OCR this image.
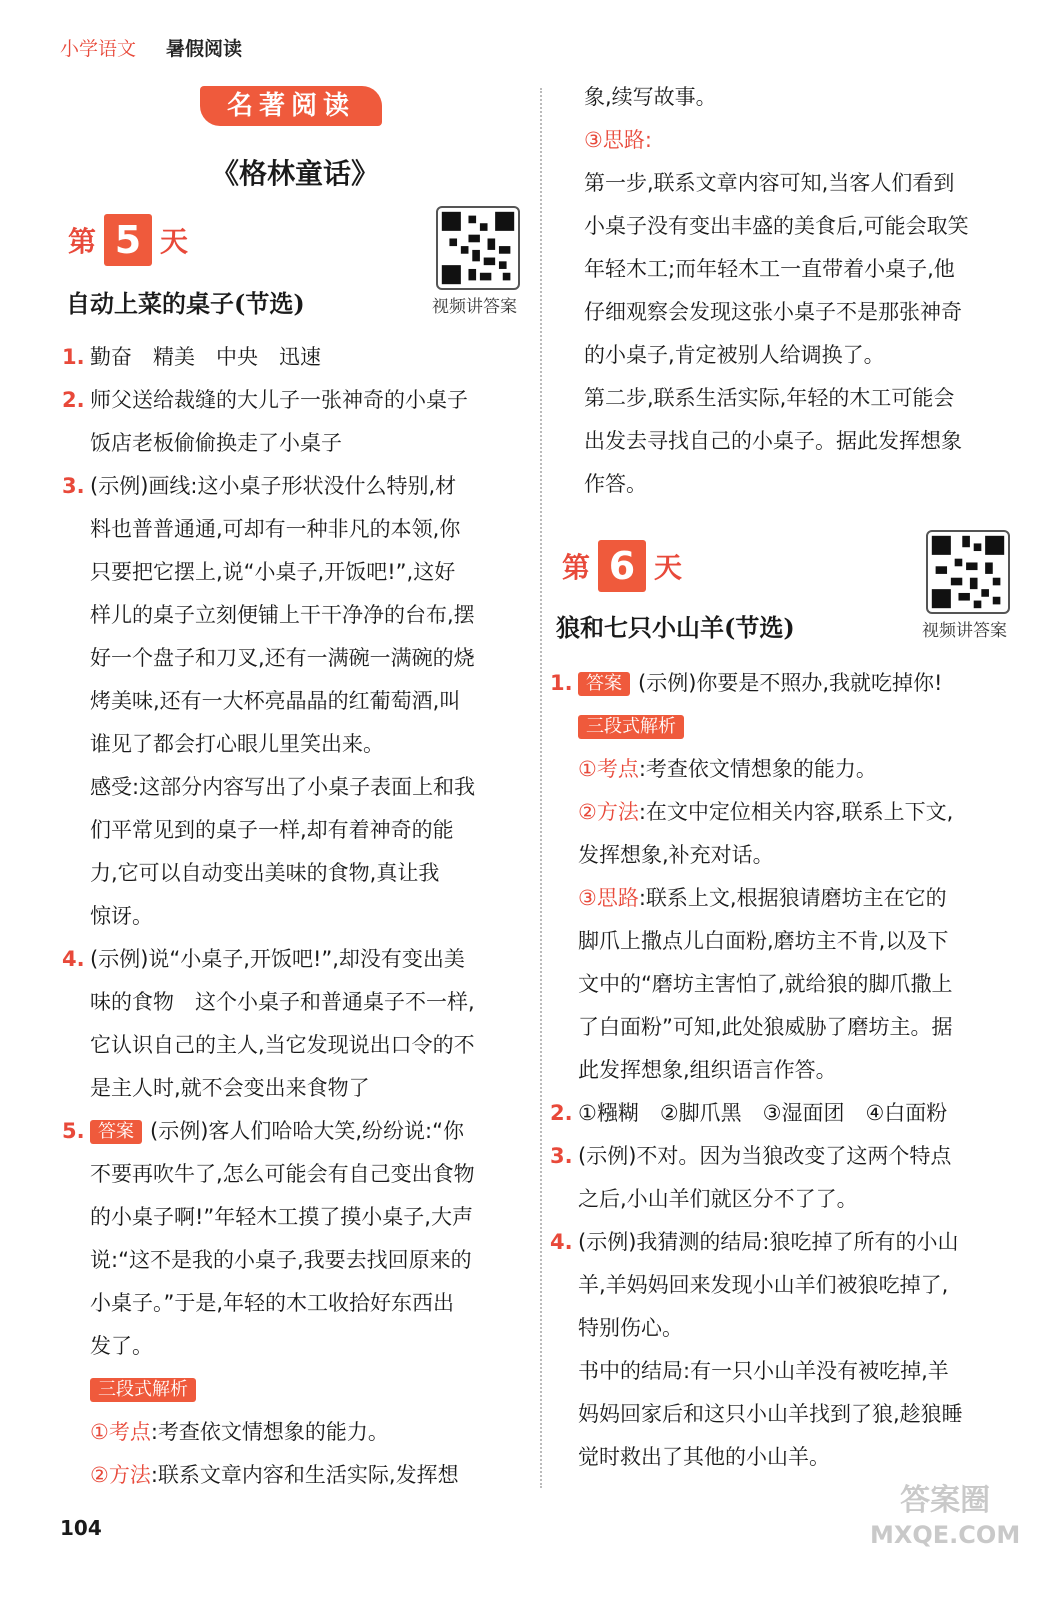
小学语文 暑假阅读
名著阅读
《格林童话》
第 5 天
视频讲答案
自动上菜的桌子(节选)
1. 勤奋　精美　中央　迅速

2. 师父送给裁缝的大儿子一张神奇的小桌子

饭店老板偷偷换走了小桌子

3. (示例)画线:这小桌子形状没什么特别,材

料也普普通通,可却有一种非凡的本领,你

只要把它摆上,说“小桌子,开饭吧!”,这好

样儿的桌子立刻便铺上干干净净的台布,摆

好一个盘子和刀叉,还有一满碗一满碗的烧

烤美味,还有一大杯亮晶晶的红葡萄酒,叫

谁见了都会打心眼儿里笑出来。

感受:这部分内容写出了小桌子表面上和我

们平常见到的桌子一样,却有着神奇的能

力,它可以自动变出美味的食物,真让我

惊讶。

4. (示例)说“小桌子,开饭吧!”,却没有变出美

味的食物　这个小桌子和普通桌子不一样,

它认识自己的主人,当它发现说出口令的不

是主人时,就不会变出来食物了

5. 答案 (示例)客人们哈哈大笑,纷纷说:“你

不要再吹牛了,怎么可能会有自己变出食物

的小桌子啊!”年轻木工摸了摸小桌子,大声

说:“这不是我的小桌子,我要去找回原来的

小桌子。”于是,年轻的木工收拾好东西出

发了。

三段式解析

①考点:考查依文情想象的能力。

②方法:联系文章内容和生活实际,发挥想

象,续写故事。

③思路:

第一步,联系文章内容可知,当客人们看到

小桌子没有变出丰盛的美食后,可能会取笑

年轻木工;而年轻木工一直带着小桌子,他

仔细观察会发现这张小桌子不是那张神奇

的小桌子,肯定被别人给调换了。

第二步,联系生活实际,年轻的木工可能会

出发去寻找自己的小桌子。据此发挥想象

作答。

第 6 天
视频讲答案
狼和七只小山羊(节选)
1. 答案 (示例)你要是不照办,我就吃掉你!

三段式解析

①考点:考查依文情想象的能力。

②方法:在文中定位相关内容,联系上下文,

发挥想象,补充对话。

③思路:联系上文,根据狼请磨坊主在它的

脚爪上撒点儿白面粉,磨坊主不肯,以及下

文中的“磨坊主害怕了,就给狼的脚爪撒上

了白面粉”可知,此处狼威胁了磨坊主。据

此发挥想象,组织语言作答。

2. ①糨糊　②脚爪黑　③湿面团　④白面粉

3. (示例)不对。因为当狼改变了这两个特点

之后,小山羊们就区分不了了。

4. (示例)我猜测的结局:狼吃掉了所有的小山

羊,羊妈妈回来发现小山羊们被狼吃掉了,

特别伤心。

书中的结局:有一只小山羊没有被吃掉,羊

妈妈回家后和这只小山羊找到了狼,趁狼睡

觉时救出了其他的小山羊。

104
答案圈
MXQE.COM
